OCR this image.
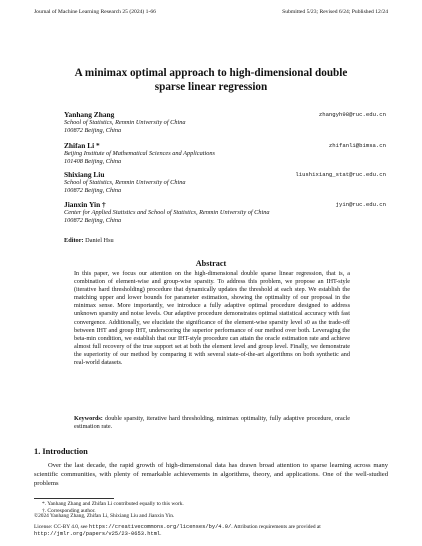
Journal of Machine Learning Research 25 (2024) 1-66	Submitted 5/23; Revised 6/24; Published 12/24
A minimax optimal approach to high-dimensional double
sparse linear regression
Yanhang Zhang	zhangyh98@ruc.edu.cn
School of Statistics, Renmin University of China
100872 Beijing, China
Zhifan Li *	zhifanli@bimsa.cn
Beijing Institute of Mathematical Sciences and Applications
101408 Beijing, China
Shixiang Liu	liushixiang_stat@ruc.edu.cn
School of Statistics, Renmin University of China
100872 Beijing, China
Jianxin Yin †	jyin@ruc.edu.cn
Center for Applied Statistics and School of Statistics, Renmin University of China
100872 Beijing, China
Editor: Daniel Hsu
Abstract
In this paper, we focus our attention on the high-dimensional double sparse linear regression, that is, a combination of element-wise and group-wise sparsity. To address this problem, we propose an IHT-style (iterative hard thresholding) procedure that dynamically updates the threshold at each step. We establish the matching upper and lower bounds for parameter estimation, showing the optimality of our proposal in the minimax sense. More importantly, we introduce a fully adaptive optimal procedure designed to address unknown sparsity and noise levels. Our adaptive procedure demonstrates optimal statistical accuracy with fast convergence. Additionally, we elucidate the significance of the element-wise sparsity level s0 as the trade-off between IHT and group IHT, underscoring the superior performance of our method over both. Leveraging the beta-min condition, we establish that our IHT-style procedure can attain the oracle estimation rate and achieve almost full recovery of the true support set at both the element level and group level. Finally, we demonstrate the superiority of our method by comparing it with several state-of-the-art algorithms on both synthetic and real-world datasets.
Keywords: double sparsity, iterative hard thresholding, minimax optimality, fully adaptive procedure, oracle estimation rate.
1. Introduction
Over the last decade, the rapid growth of high-dimensional data has drawn broad attention to sparse learning across many scientific communities, with plenty of remarkable achievements in algorithms, theory, and applications. One of the well-studied problems
*. Yanhang Zhang and Zhifan Li contributed equally to this work.
†. Corresponding author.
©2024 Yanhang Zhang, Zhifan Li, Shixiang Liu and Jianxin Yin.
License: CC-BY 4.0, see https://creativecommons.org/licenses/by/4.0/. Attribution requirements are provided at http://jmlr.org/papers/v25/23-0653.html.
